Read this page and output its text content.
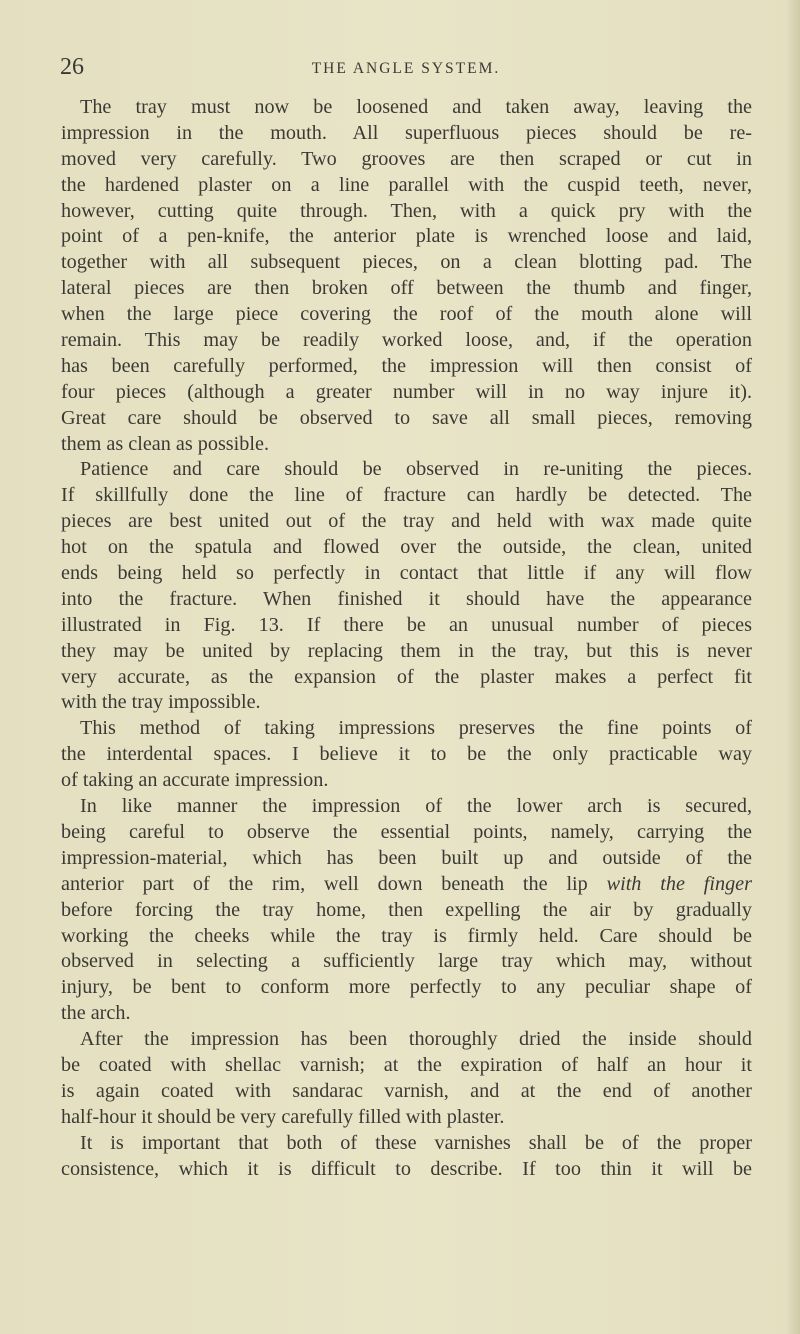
26	THE ANGLE SYSTEM.
The tray must now be loosened and taken away, leaving the
impression in the mouth. All superfluous pieces should be re-
moved very carefully. Two grooves are then scraped or cut in
the hardened plaster on a line parallel with the cuspid teeth, never,
however, cutting quite through. Then, with a quick pry with the
point of a pen-knife, the anterior plate is wrenched loose and laid,
together with all subsequent pieces, on a clean blotting pad. The
lateral pieces are then broken off between the thumb and finger,
when the large piece covering the roof of the mouth alone will
remain. This may be readily worked loose, and, if the operation
has been carefully performed, the impression will then consist of
four pieces (although a greater number will in no way injure it).
Great care should be observed to save all small pieces, removing
them as clean as possible.
Patience and care should be observed in re-uniting the pieces.
If skillfully done the line of fracture can hardly be detected. The
pieces are best united out of the tray and held with wax made quite
hot on the spatula and flowed over the outside, the clean, united
ends being held so perfectly in contact that little if any will flow
into the fracture. When finished it should have the appearance
illustrated in Fig. 13. If there be an unusual number of pieces
they may be united by replacing them in the tray, but this is never
very accurate, as the expansion of the plaster makes a perfect fit
with the tray impossible.
This method of taking impressions preserves the fine points of
the interdental spaces. I believe it to be the only practicable way
of taking an accurate impression.
In like manner the impression of the lower arch is secured,
being careful to observe the essential points, namely, carrying the
impression-material, which has been built up and outside of the
anterior part of the rim, well down beneath the lip with the finger
before forcing the tray home, then expelling the air by gradually
working the cheeks while the tray is firmly held. Care should be
observed in selecting a sufficiently large tray which may, without
injury, be bent to conform more perfectly to any peculiar shape of
the arch.
After the impression has been thoroughly dried the inside should
be coated with shellac varnish; at the expiration of half an hour it
is again coated with sandarac varnish, and at the end of another
half-hour it should be very carefully filled with plaster.
It is important that both of these varnishes shall be of the proper
consistence, which it is difficult to describe. If too thin it will be
